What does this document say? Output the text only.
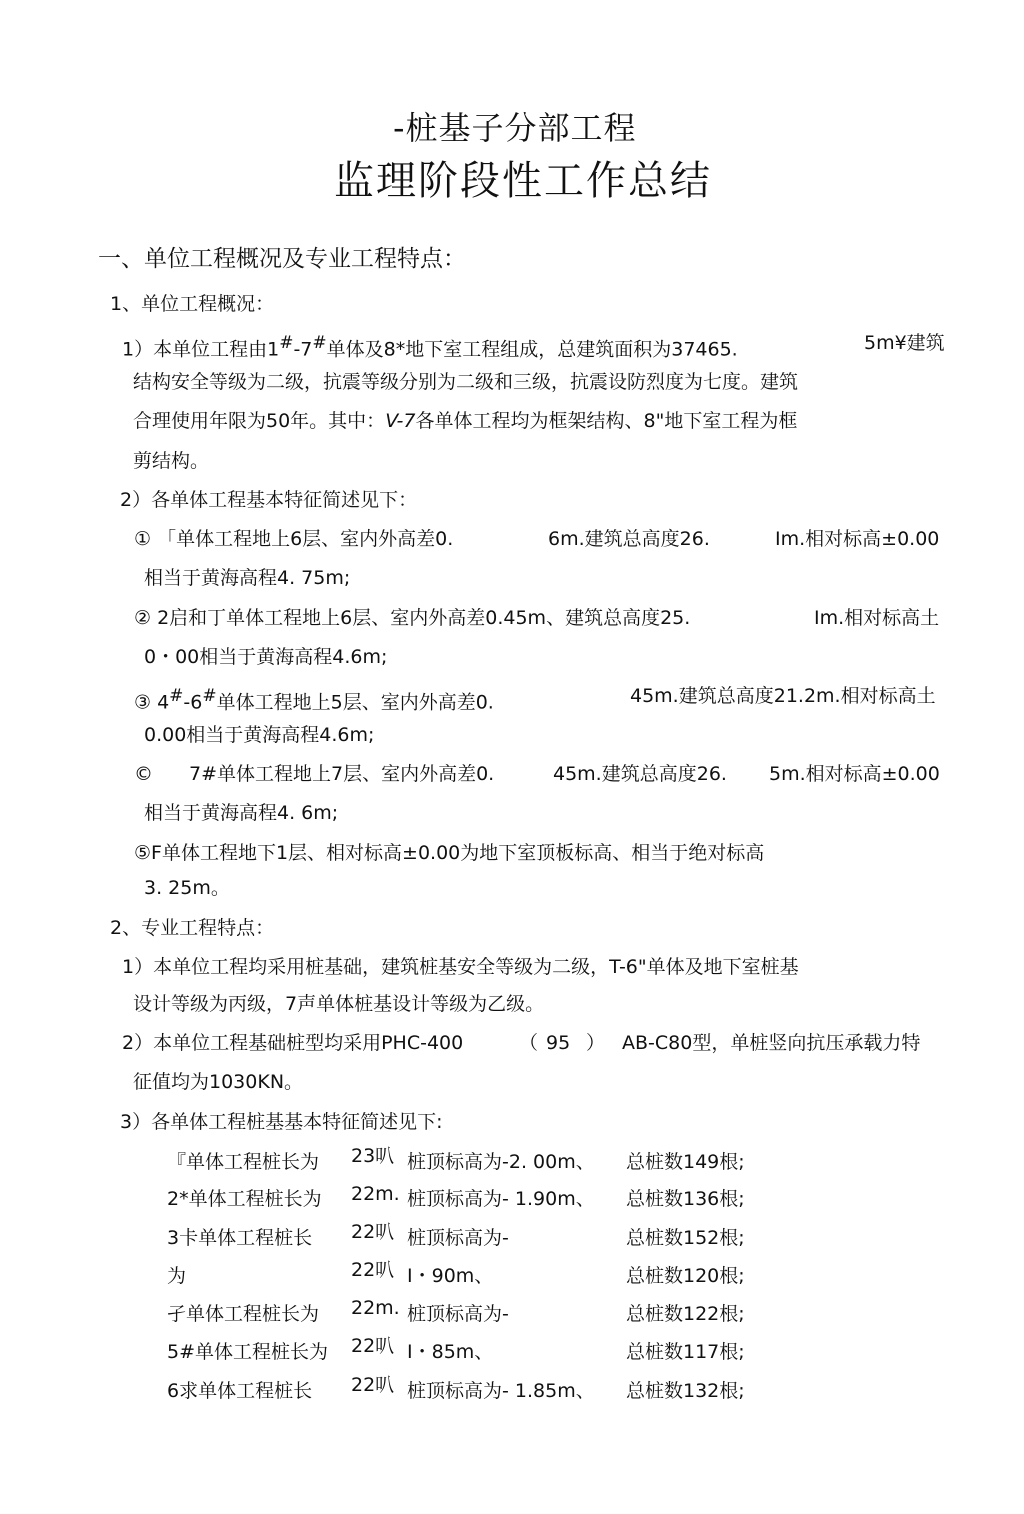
-桩基子分部工程
监理阶段性工作总结
一、单位工程概况及专业工程特点：
1、单位工程概况：
1）本单位工程由1#-7#单体及8*地下室工程组成，总建筑面积为37465.	5m¥建筑
结构安全等级为二级，抗震等级分别为二级和三级，抗震设防烈度为七度。建筑
合理使用年限为50年。其中：V-7各单体工程均为框架结构、8"地下室工程为框
剪结构。
2）各单体工程基本特征简述见下：
① 「单体工程地上6层、室内外高差0.	6m.建筑总高度26.	Im.相对标高±0.00
相当于黄海高程4. 75m;
② 2启和丁单体工程地上6层、室内外高差0.45m、建筑总高度25.	Im.相对标高土
0・00相当于黄海高程4.6m;
③ 4#-6#单体工程地上5层、室内外高差0.	45m.建筑总高度21.2m.相对标高土
0.00相当于黄海高程4.6m;
© 7#单体工程地上7层、室内外高差0.	45m.建筑总高度26. 5m.相对标高±0.00
相当于黄海高程4. 6m;
⑤F单体工程地下1层、相对标高±0.00为地下室顶板标高、相当于绝对标高
3. 25m。
2、专业工程特点：
1）本单位工程均采用桩基础，建筑桩基安全等级为二级，T-6"单体及地下室桩基
设计等级为丙级，7声单体桩基设计等级为乙级。
2）本单位工程基础桩型均采用PHC-400	（ 95 ） AB-C80型，单桩竖向抗压承载力特
征值均为1030KN。
3）各单体工程桩基基本特征简述见下:
『单体工程桩长为 23叭 桩顶标高为-2. 00m、 总桩数149根;
2*单体工程桩长为 22m. 桩顶标高为- 1.90m、 总桩数136根;
3卡单体工程桩长 22叭 桩顶标高为-	总桩数152根;
为	22叭 I・90m、	总桩数120根;
孑单体工程桩长为 22m. 桩顶标高为-	总桩数122根;
5#单体工程桩长为 22叭 I・85m、	总桩数117根;
6求单体工程桩长 22叭 桩顶标高为- 1.85m、 总桩数132根;
